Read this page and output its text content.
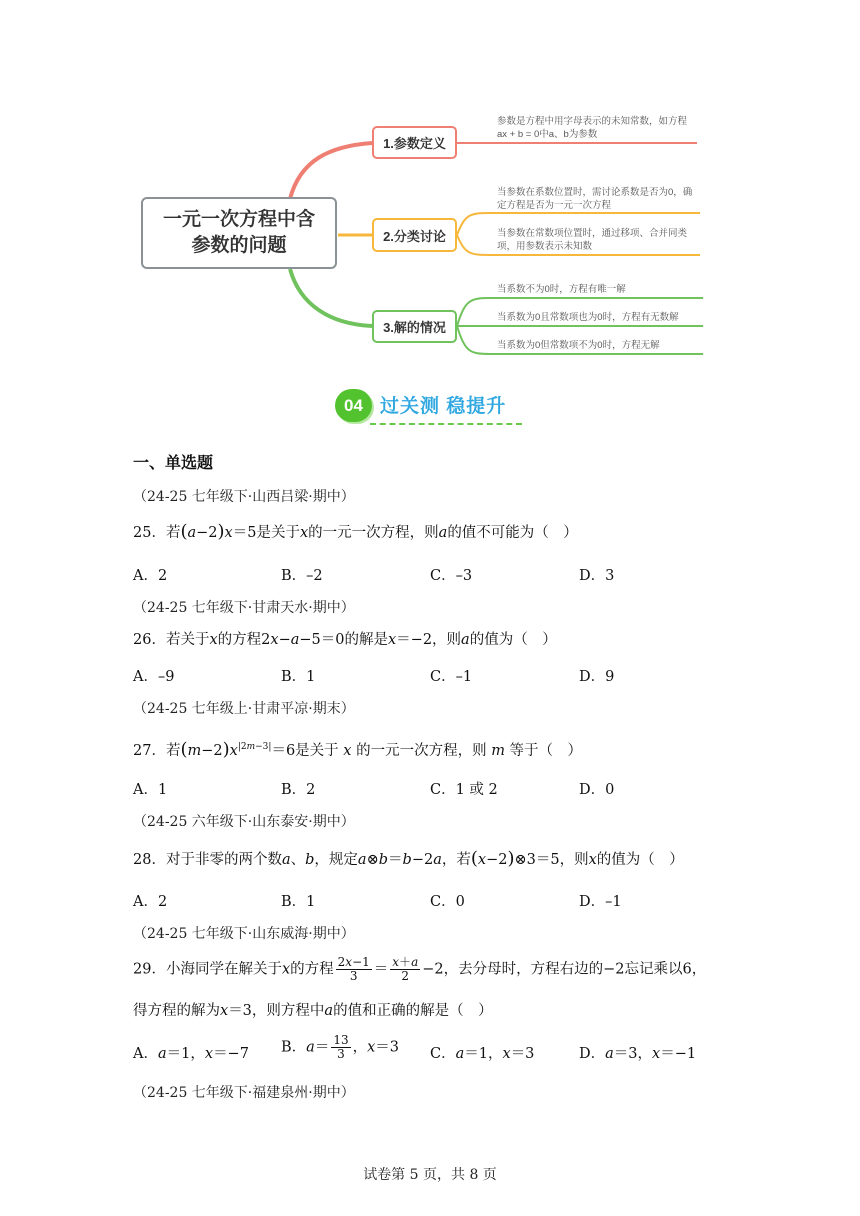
一元一次方程中含
参数的问题
1.参数定义
2.分类讨论
3.解的情况
参数是方程中用字母表示的未知常数，如方程
ax + b = 0中a、b为参数
当参数在系数位置时，需讨论系数是否为0，确
定方程是否为一元一次方程
当参数在常数项位置时，通过移项、合并同类
项，用参数表示未知数
当系数不为0时，方程有唯一解
当系数为0且常数项也为0时，方程有无数解
当系数为0但常数项不为0时，方程无解
04 过关测 稳提升
一、单选题
（24-25 七年级下·山西吕梁·期中）
25．若(a−2)x＝5是关于x的一元一次方程，则a的值不可能为（　）
A．2	B．–2	C．–3	D．3
（24-25 七年级下·甘肃天水·期中）
26．若关于x的方程2x−a−5＝0的解是x＝−2，则a的值为（　）
A．–9	B．1	C．–1	D．9
（24-25 七年级上·甘肃平凉·期末）
27．若$(m-2)x^{|2m-3|}=6$是关于 x 的一元一次方程，则 m 等于（　）
A．1	B．2	C．1 或 2	D．0
（24-25 六年级下·山东泰安·期中）
28．对于非零的两个数a、b，规定a⊗b＝b−2a，若(x−2)⊗3＝5，则x的值为（　）
A．2	B．1	C．0	D．–1
（24-25 七年级下·山东威海·期中）
29．小海同学在解关于x的方程 $\frac{2x-1}{3} = \frac{x+a}{2} -2$，去分母时，方程右边的−2忘记乘以6，
得方程的解为x＝3，则方程中a的值和正确的解是（　）
A．a＝1，x＝−7 B．$a= \frac{13}{3}$ ，x＝3 C．a＝1，x＝3	D．a＝3，x＝−1
（24-25 七年级下·福建泉州·期中）
试卷第 5 页，共 8 页
